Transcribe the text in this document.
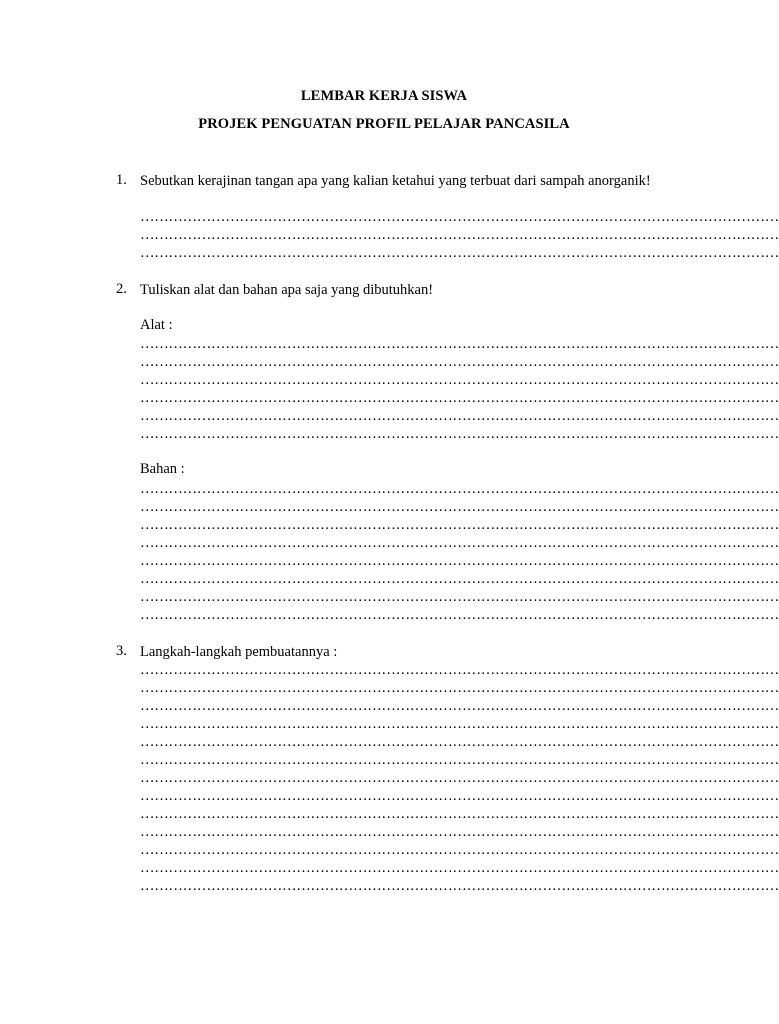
LEMBAR KERJA SISWA
PROJEK PENGUATAN PROFIL PELAJAR PANCASILA
1. Sebutkan kerajinan tangan apa yang kalian ketahui yang terbuat dari sampah anorganik!
………………………………………………………………………………………………………………………
………………………………………………………………………………………………………………………
………………………………………………………………………………………………………………………
2. Tuliskan alat dan bahan apa saja yang dibutuhkan!
Alat :
………………………………………………………………………………………………………………………
………………………………………………………………………………………………………………………
………………………………………………………………………………………………………………………
………………………………………………………………………………………………………………………
………………………………………………………………………………………………………………………
………………………………………………………………………………………………………………………
Bahan :
………………………………………………………………………………………………………………………
………………………………………………………………………………………………………………………
………………………………………………………………………………………………………………………
………………………………………………………………………………………………………………………
………………………………………………………………………………………………………………………
………………………………………………………………………………………………………………………
………………………………………………………………………………………………………………………
………………………………………………………………………………………………………………………
3. Langkah-langkah pembuatannya :
………………………………………………………………………………………………………………………
………………………………………………………………………………………………………………………
………………………………………………………………………………………………………………………
………………………………………………………………………………………………………………………
………………………………………………………………………………………………………………………
………………………………………………………………………………………………………………………
………………………………………………………………………………………………………………………
………………………………………………………………………………………………………………………
………………………………………………………………………………………………………………………
………………………………………………………………………………………………………………………
………………………………………………………………………………………………………………………
………………………………………………………………………………………………………………………
………………………………………………………………………………………………………………………
